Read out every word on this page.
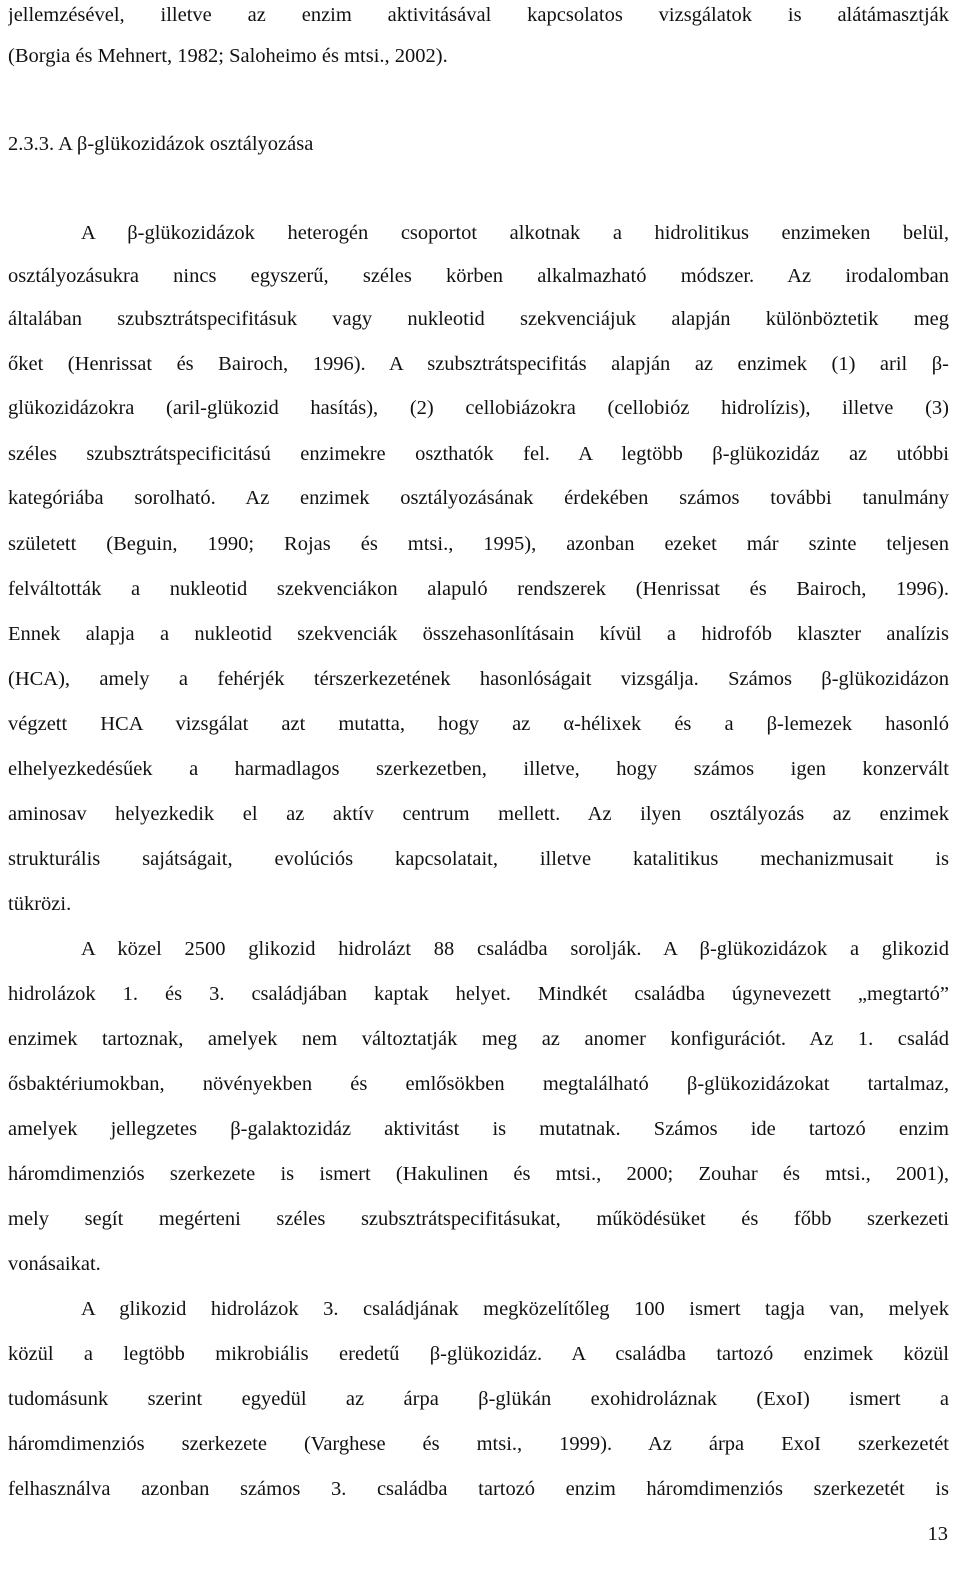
jellemzésével, illetve az enzim aktivitásával kapcsolatos vizsgálatok is alátámasztják
(Borgia és Mehnert, 1982; Saloheimo és mtsi., 2002).
2.3.3. A β-glükozidázok osztályozása
A β-glükozidázok heterogén csoportot alkotnak a hidrolitikus enzimeken belül,
osztályozásukra nincs egyszerű, széles körben alkalmazható módszer. Az irodalomban
általában szubsztrátspecifitásuk vagy nukleotid szekvenciájuk alapján különböztetik meg
őket (Henrissat és Bairoch, 1996). A szubsztrátspecifitás alapján az enzimek (1) aril β-
glükozidázokra (aril-glükozid hasítás), (2) cellobiázokra (cellobióz hidrolízis), illetve (3)
széles szubsztrátspecificitású enzimekre oszthatók fel. A legtöbb β-glükozidáz az utóbbi
kategóriába sorolható. Az enzimek osztályozásának érdekében számos további tanulmány
született (Beguin, 1990; Rojas és mtsi., 1995), azonban ezeket már szinte teljesen
felváltották a nukleotid szekvenciákon alapuló rendszerek (Henrissat és Bairoch, 1996).
Ennek alapja a nukleotid szekvenciák összehasonlításain kívül a hidrofób klaszter analízis
(HCA), amely a fehérjék térszerkezetének hasonlóságait vizsgálja. Számos β-glükozidázon
végzett HCA vizsgálat azt mutatta, hogy az α-hélixek és a β-lemezek hasonló
elhelyezkedésűek a harmadlagos szerkezetben, illetve, hogy számos igen konzervált
aminosav helyezkedik el az aktív centrum mellett. Az ilyen osztályozás az enzimek
strukturális sajátságait, evolúciós kapcsolatait, illetve katalitikus mechanizmusait is
tükrözi.
A közel 2500 glikozid hidrolázt 88 családba sorolják. A β-glükozidázok a glikozid
hidrolázok 1. és 3. családjában kaptak helyet. Mindkét családba úgynevezett „megtartó”
enzimek tartoznak, amelyek nem változtatják meg az anomer konfigurációt. Az 1. család
ősbaktériumokban, növényekben és emlősökben megtalálható β-glükozidázokat tartalmaz,
amelyek jellegzetes β-galaktozidáz aktivitást is mutatnak. Számos ide tartozó enzim
háromdimenziós szerkezete is ismert (Hakulinen és mtsi., 2000; Zouhar és mtsi., 2001),
mely segít megérteni széles szubsztrátspecifitásukat, működésüket és főbb szerkezeti
vonásaikat.
A glikozid hidrolázok 3. családjának megközelítőleg 100 ismert tagja van, melyek
közül a legtöbb mikrobiális eredetű β-glükozidáz. A családba tartozó enzimek közül
tudomásunk szerint egyedül az árpa β-glükán exohidroláznak (ExoI) ismert a
háromdimenziós szerkezete (Varghese és mtsi., 1999). Az árpa ExoI szerkezetét
felhasználva azonban számos 3. családba tartozó enzim háromdimenziós szerkezetét is
13
